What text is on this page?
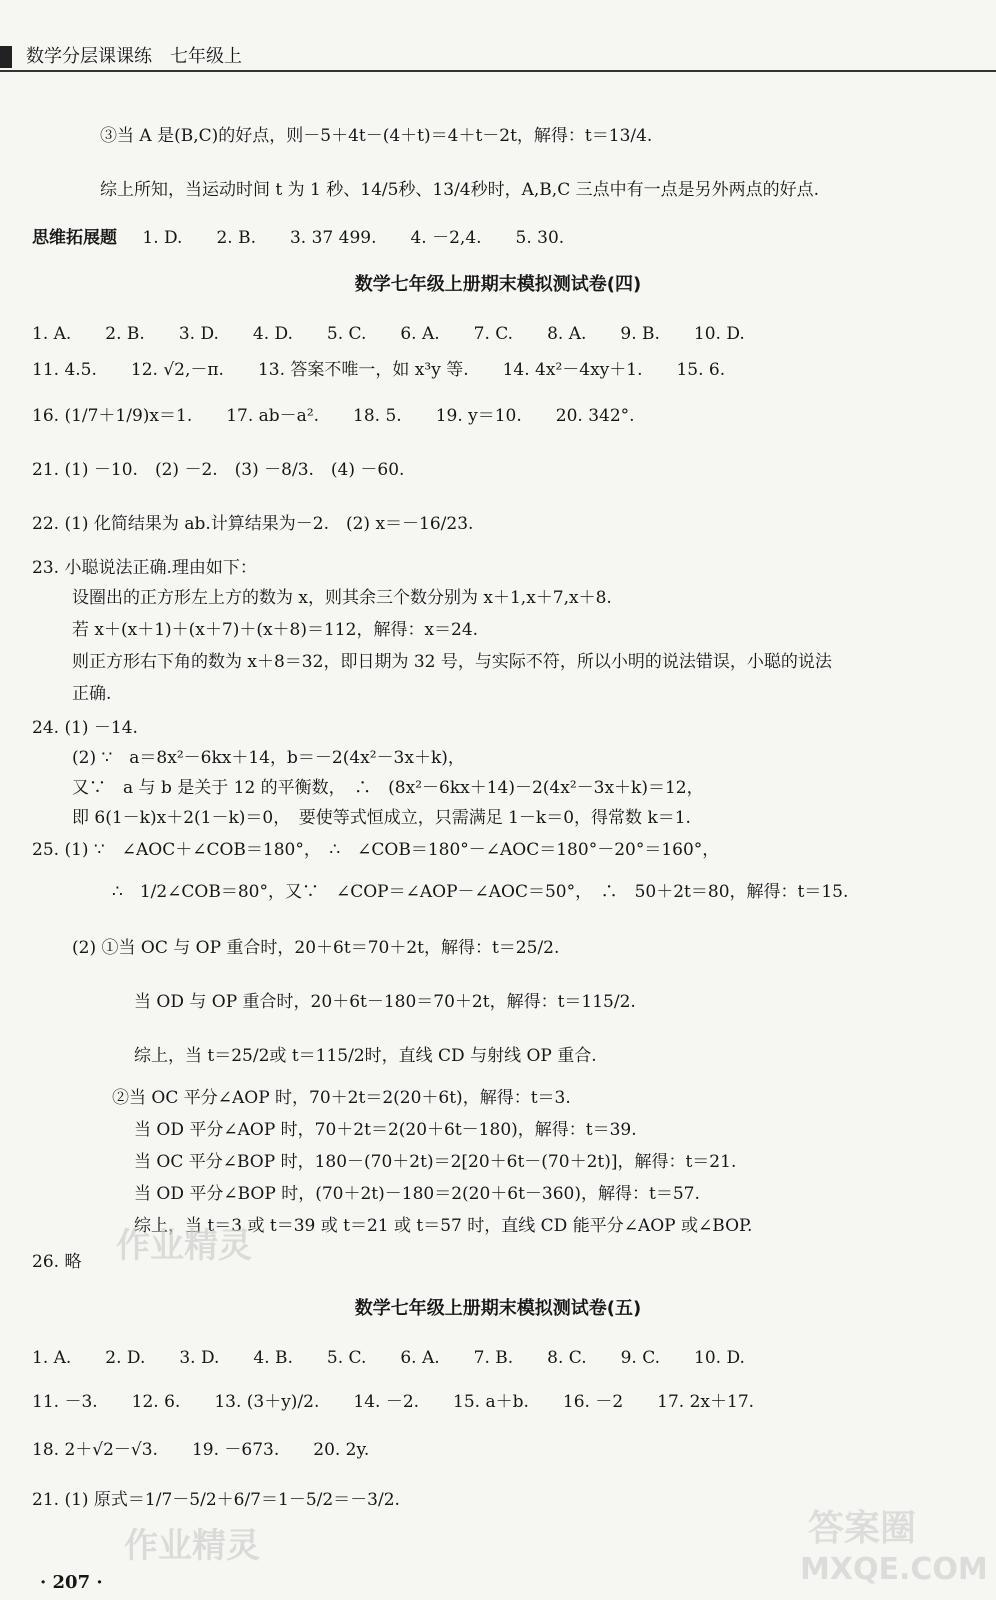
数学分层课课练　七年级上
③当 A 是(B,C)的好点，则－5＋4t－(4＋t)＝4＋t－2t，解得：t＝13/4.
综上所知，当运动时间 t 为 1 秒、14/5秒、13/4秒时，A,B,C 三点中有一点是另外两点的好点.
思维拓展题 1. D.　　2. B.　　3. 37 499.　　4. －2,4.　　5. 30.
数学七年级上册期末模拟测试卷(四)
1. A.　　2. B.　　3. D.　　4. D.　　5. C.　　6. A.　　7. C.　　8. A.　　9. B.　　10. D.
11. 4.5.　　12. √2,－π.　　13. 答案不唯一，如 x³y 等.　　14. 4x²－4xy＋1.　　15. 6.
16. (1/7＋1/9)x＝1.　　17. ab－a².　　18. 5.　　19. y＝10.　　20. 342°.
21. (1) －10.　(2) －2.　(3) －8/3.　(4) －60.
22. (1) 化简结果为 ab.计算结果为－2.　(2) x＝－16/23.
23. 小聪说法正确.理由如下：
设圈出的正方形左上方的数为 x，则其余三个数分别为 x＋1,x＋7,x＋8.
若 x＋(x＋1)＋(x＋7)＋(x＋8)＝112，解得：x＝24.
则正方形右下角的数为 x＋8＝32，即日期为 32 号，与实际不符，所以小明的说法错误，小聪的说法
正确.
24. (1) －14.
(2) ∵　a＝8x²－6kx＋14，b＝－2(4x²－3x＋k)，
又∵　a 与 b 是关于 12 的平衡数，　∴　(8x²－6kx＋14)－2(4x²－3x＋k)＝12，
即 6(1－k)x＋2(1－k)＝0，　要使等式恒成立，只需满足 1－k＝0，得常数 k＝1.
25. (1) ∵　∠AOC＋∠COB＝180°，　∴　∠COB＝180°－∠AOC＝180°－20°＝160°，
∴　1/2∠COB＝80°，又∵　∠COP＝∠AOP－∠AOC＝50°，　∴　50＋2t＝80，解得：t＝15.
(2) ①当 OC 与 OP 重合时，20＋6t＝70＋2t，解得：t＝25/2.
当 OD 与 OP 重合时，20＋6t－180＝70＋2t，解得：t＝115/2.
综上，当 t＝25/2或 t＝115/2时，直线 CD 与射线 OP 重合.
②当 OC 平分∠AOP 时，70＋2t＝2(20＋6t)，解得：t＝3.
当 OD 平分∠AOP 时，70＋2t＝2(20＋6t－180)，解得：t＝39.
当 OC 平分∠BOP 时，180－(70＋2t)＝2[20＋6t－(70＋2t)]，解得：t＝21.
当 OD 平分∠BOP 时，(70＋2t)－180＝2(20＋6t－360)，解得：t＝57.
综上，当 t＝3 或 t＝39 或 t＝21 或 t＝57 时，直线 CD 能平分∠AOP 或∠BOP.
26. 略
数学七年级上册期末模拟测试卷(五)
1. A.　　2. D.　　3. D.　　4. B.　　5. C.　　6. A.　　7. B.　　8. C.　　9. C.　　10. D.
11. －3.　　12. 6.　　13. (3＋y)/2.　　14. －2.　　15. a＋b.　　16. －2　　17. 2x＋17.
18. 2＋√2－√3.　　19. －673.　　20. 2y.
21. (1) 原式＝1/7－5/2＋6/7＝1－5/2＝－3/2.
· 207 ·
作业精灵
作业精灵	答案圈
MXQE.COM
